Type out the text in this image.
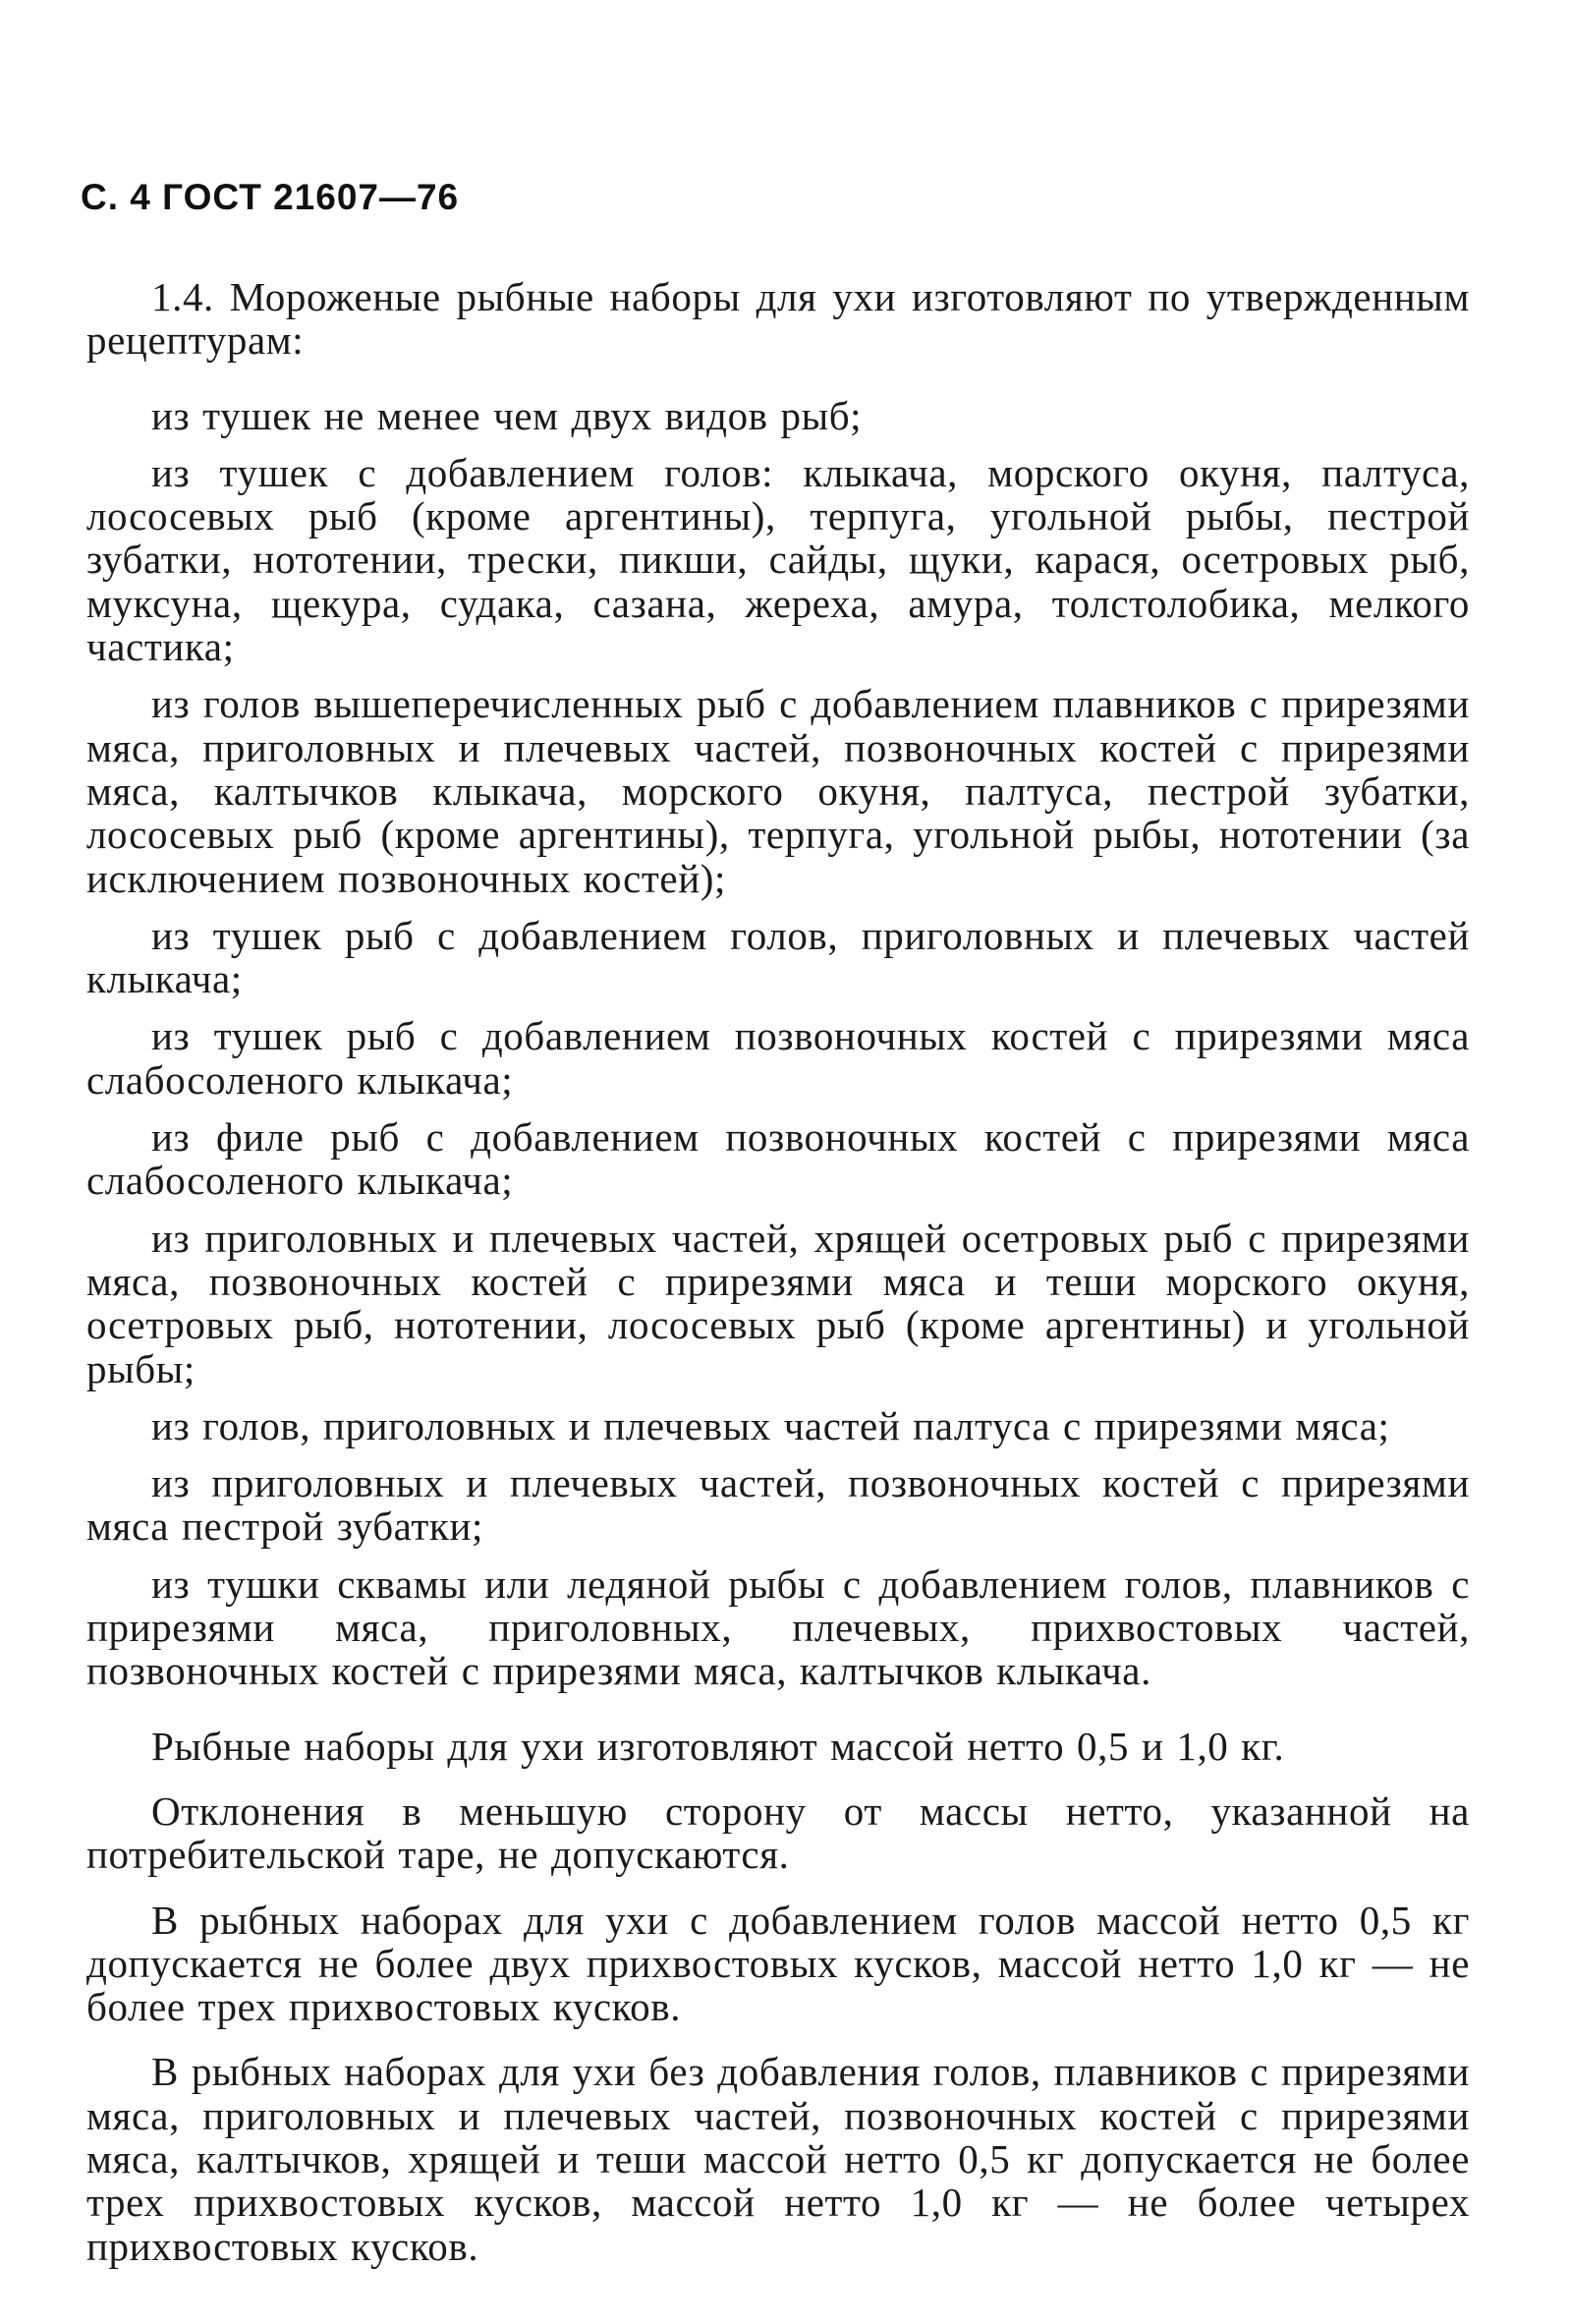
С. 4 ГОСТ 21607—76

1.4. Мороженые рыбные наборы для ухи изготовляют по утвержденным рецептурам:

из тушек не менее чем двух видов рыб;

из тушек с добавлением голов: клыкача, морского окуня, палтуса, лососевых рыб (кроме аргентины), терпуга, угольной рыбы, пестрой зубатки, нототении, трески, пикши, сайды, щуки, карася, осетровых рыб, муксуна, щекура, судака, сазана, жереха, амура, толстолобика, мелкого частика;

из голов вышеперечисленных рыб с добавлением плавников с прирезями мяса, приголовных и плечевых частей, позвоночных костей с прирезями мяса, калтычков клыкача, морского окуня, палтуса, пестрой зубатки, лососевых рыб (кроме аргентины), терпуга, угольной рыбы, нототении (за исключением позвоночных костей);

из тушек рыб с добавлением голов, приголовных и плечевых частей клыкача;

из тушек рыб с добавлением позвоночных костей с прирезями мяса слабосоленого клыкача;

из филе рыб с добавлением позвоночных костей с прирезями мяса слабосоленого клыкача;

из приголовных и плечевых частей, хрящей осетровых рыб с прирезями мяса, позвоночных костей с прирезями мяса и теши морского окуня, осетровых рыб, нототении, лососевых рыб (кроме аргентины) и угольной рыбы;

из голов, приголовных и плечевых частей палтуса с прирезями мяса;

из приголовных и плечевых частей, позвоночных костей с прирезями мяса пестрой зубатки;

из тушки сквамы или ледяной рыбы с добавлением голов, плавников с прирезями мяса, приголовных, плечевых, прихвостовых частей, позвоночных костей с прирезями мяса, калтычков клыкача.

Рыбные наборы для ухи изготовляют массой нетто 0,5 и 1,0 кг.

Отклонения в меньшую сторону от массы нетто, указанной на потребительской таре, не допускаются.

В рыбных наборах для ухи с добавлением голов массой нетто 0,5 кг допускается не более двух прихвостовых кусков, массой нетто 1,0 кг — не более трех прихвостовых кусков.

В рыбных наборах для ухи без добавления голов, плавников с прирезями мяса, приголовных и плечевых частей, позвоночных костей с прирезями мяса, калтычков, хрящей и теши массой нетто 0,5 кг допускается не более трех прихвостовых кусков, массой нетто 1,0 кг — не более четырех прихвостовых кусков.
